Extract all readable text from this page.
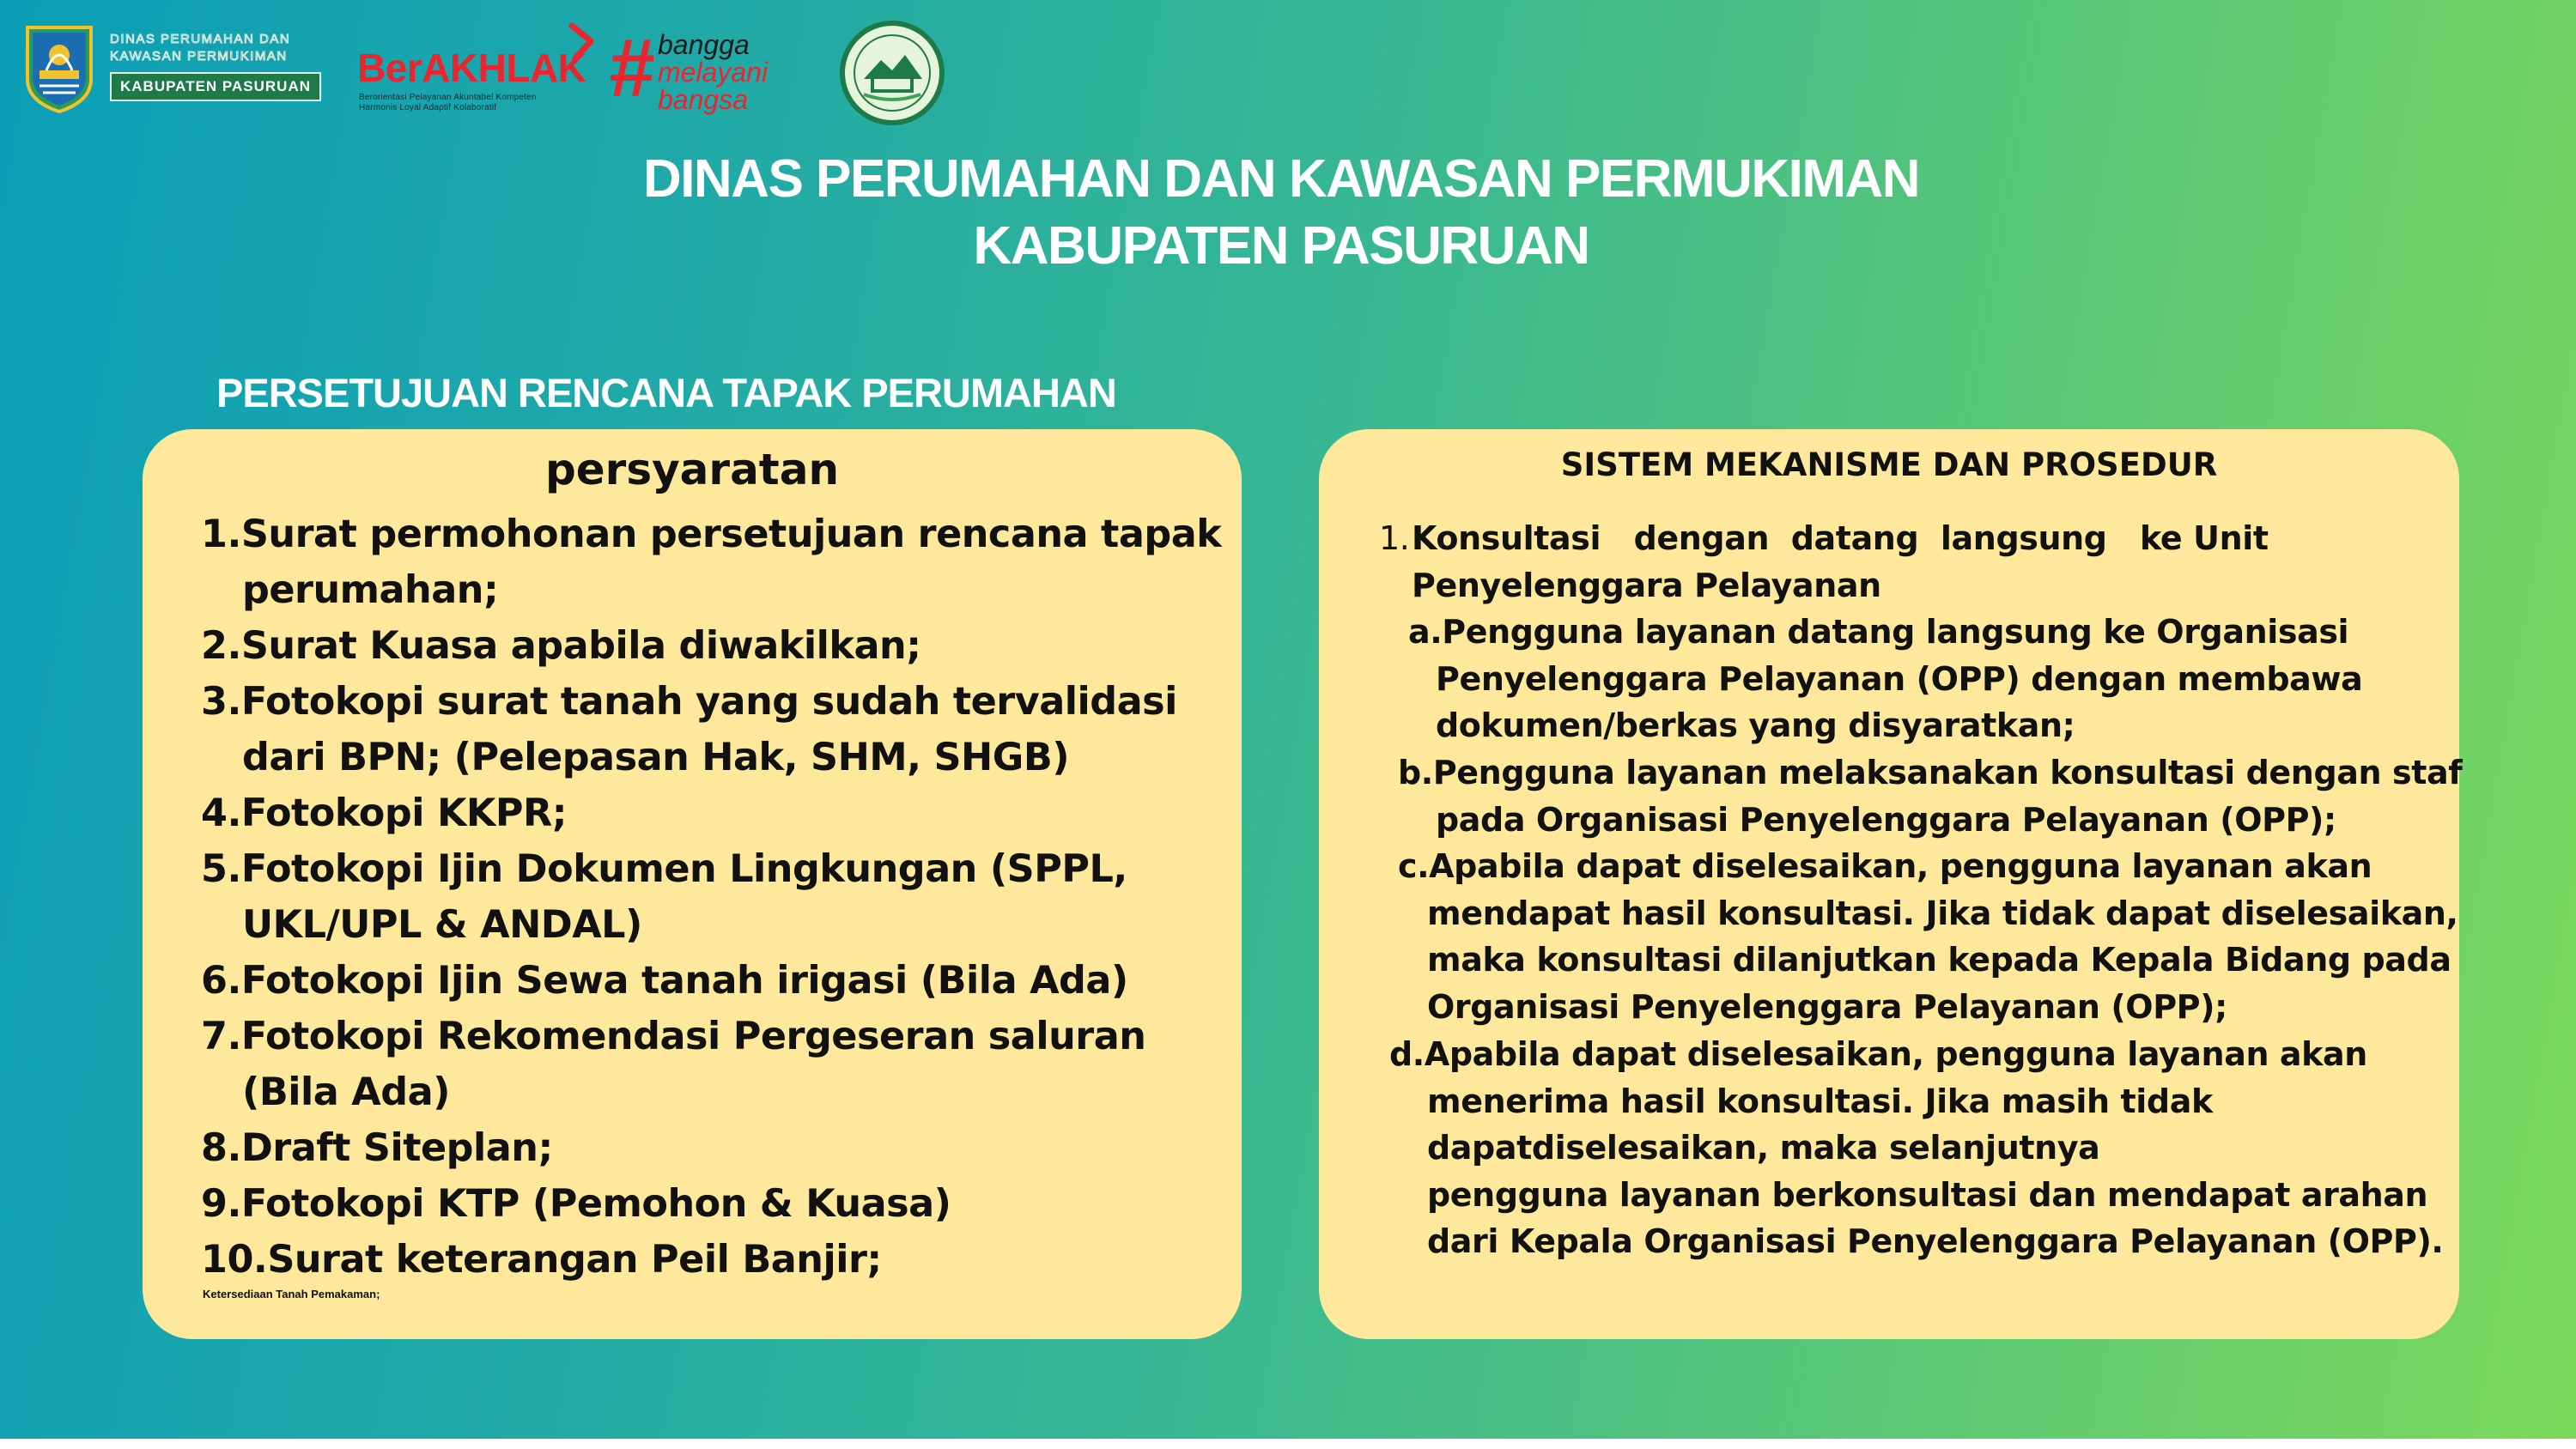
DINAS PERUMAHAN DAN
KAWASAN PERMUKIMAN
KABUPATEN PASURUAN	BerAKHLAK
Berorientasi Pelayanan Akuntabel Kompeten
Harmonis Loyal Adaptif Kolaboratif	# bangga
melayani
bangsa
DINAS PERUMAHAN DAN KAWASAN PERMUKIMAN
KABUPATEN PASURUAN
PERSETUJUAN RENCANA TAPAK PERUMAHAN
persyaratan
1.Surat permohonan persetujuan rencana tapak perumahan;
2.Surat Kuasa apabila diwakilkan;
3.Fotokopi surat tanah yang sudah tervalidasi dari BPN; (Pelepasan Hak, SHM, SHGB)
4.Fotokopi KKPR;
5.Fotokopi Ijin Dokumen Lingkungan (SPPL, UKL/UPL & ANDAL)
6.Fotokopi Ijin Sewa tanah irigasi (Bila Ada)
7.Fotokopi Rekomendasi Pergeseran saluran (Bila Ada)
8.Draft Siteplan;
9.Fotokopi KTP (Pemohon & Kuasa)
10.Surat keterangan Peil Banjir;
Ketersediaan Tanah Pemakaman;
SISTEM MEKANISME DAN PROSEDUR
1. Konsultasi   dengan  datang  langsung   ke Unit
Penyelenggara Pelayanan
a.Pengguna layanan datang langsung ke Organisasi
Penyelenggara Pelayanan (OPP) dengan membawa
dokumen/berkas yang disyaratkan;
b.Pengguna layanan melaksanakan konsultasi dengan staf
pada Organisasi Penyelenggara Pelayanan (OPP);
c.Apabila dapat diselesaikan, pengguna layanan akan
mendapat hasil konsultasi. Jika tidak dapat diselesaikan,
maka konsultasi dilanjutkan kepada Kepala Bidang pada
Organisasi Penyelenggara Pelayanan (OPP);
d.Apabila dapat diselesaikan, pengguna layanan akan
menerima hasil konsultasi. Jika masih tidak
dapatdiselesaikan, maka selanjutnya
pengguna layanan berkonsultasi dan mendapat arahan
dari Kepala Organisasi Penyelenggara Pelayanan (OPP).
